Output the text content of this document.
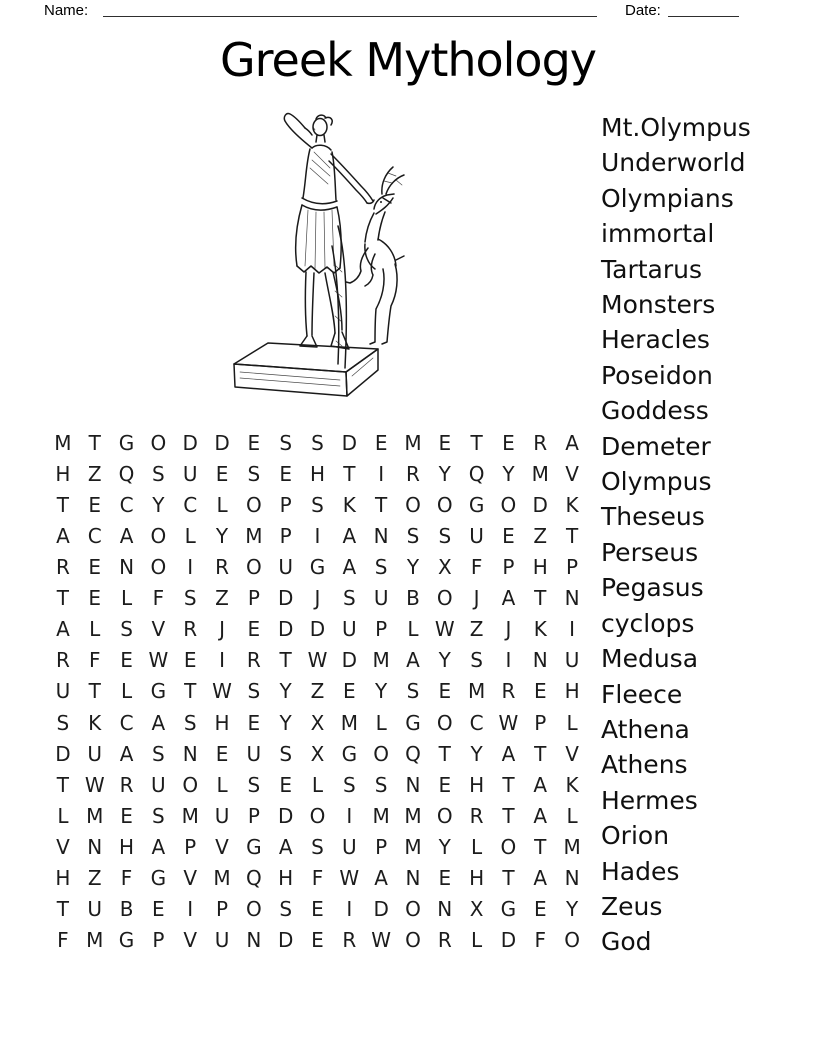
Name:	Date:
Greek Mythology
Mt.Olympus
Underworld
Olympians
immortal
Tartarus
Monsters
Heracles
Poseidon
Goddess
Demeter
Olympus
Theseus
Perseus
Pegasus
cyclops
Medusa
Fleece
Athena
Athens
Hermes
Orion
Hades
Zeus
God
M T G O D D E S S D E M E T E R A
H Z Q S U E S E H T	I	R Y Q Y M V
T E C Y C L O P S K T O O G O D K
A C A O L	Y M P	I	A N S S U E Z T
R E N O	I	R O U G A S Y X F	P H P
T E L	F S Z P D	J	S U B O	J	A T N
A L S V R	J	E D D U P	L W Z	J	K	I
R F E W E	I	R T W D M A Y S	I	N U
U T	L G T W S Y Z E Y S E M R E H
S K C A S H E Y X M L G O C W P	L
D U A S N E U S X G O Q T Y A T V
T W R U O L S E L S S N E H T A K
L M E S M U P D O	I	M M O R T A L
V N H A P V G A S U P M Y	L O T M
H Z F G V M Q H F W A N E H T A N
T U B E	I	P O S E	I	D O N X G E Y
F M G P V U N D E R W O R L D F O
